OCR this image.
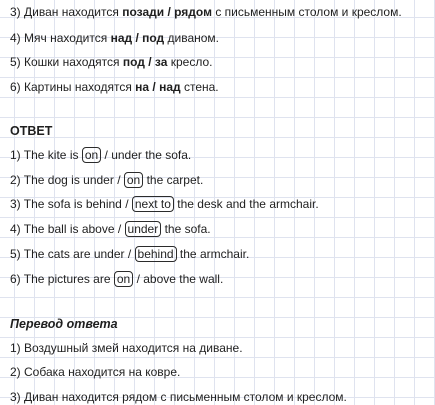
3) Диван находится позади / рядом с письменным столом и креслом.
4) Мяч находится над / под диваном.
5) Кошки находятся под / за кресло.
6) Картины находятся на / над стена.
ОТВЕТ
1) The kite is on / under the sofa.
2) The dog is under / on the carpet.
3) The sofa is behind / next to the desk and the armchair.
4) The ball is above / under the sofa.
5) The cats are under / behind the armchair.
6) The pictures are on / above the wall.
Перевод ответа
1) Воздушный змей находится на диване.
2) Собака находится на ковре.
3) Диван находится рядом с письменным столом и креслом.
